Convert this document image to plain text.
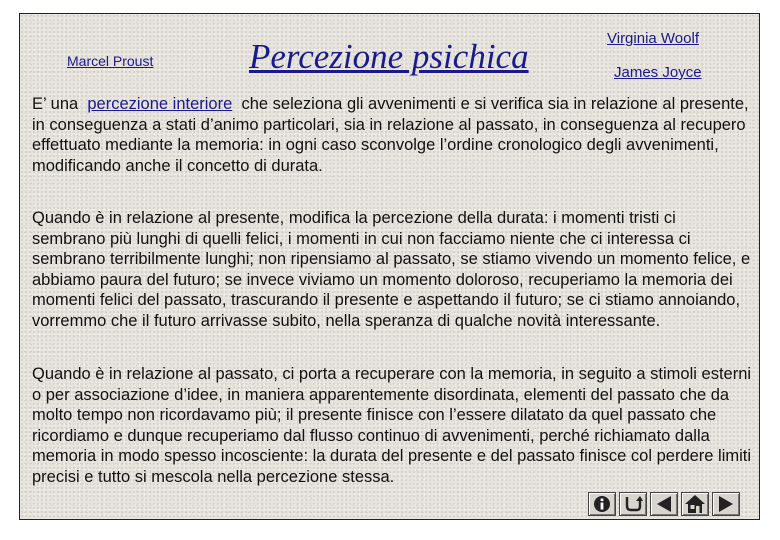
Marcel Proust	Percezione psichica	Virginia Woolf
James Joyce

E’ una percezione interiore che seleziona gli avvenimenti e si verifica sia in relazione al presente, in conseguenza a stati d’animo particolari, sia in relazione al passato, in conseguenza al recupero effettuato mediante la memoria: in ogni caso sconvolge l’ordine cronologico degli avvenimenti, modificando anche il concetto di durata.

Quando è in relazione al presente, modifica la percezione della durata: i momenti tristi ci sembrano più lunghi di quelli felici, i momenti in cui non facciamo niente che ci interessa ci sembrano terribilmente lunghi; non ripensiamo al passato, se stiamo vivendo un momento felice, e abbiamo paura del futuro; se invece viviamo un momento doloroso, recuperiamo la memoria dei momenti felici del passato, trascurando il presente e aspettando il futuro; se ci stiamo annoiando, vorremmo che il futuro arrivasse subito, nella speranza di qualche novità interessante.

Quando è in relazione al passato, ci porta a recuperare con la memoria, in seguito a stimoli esterni o per associazione d’idee, in maniera apparentemente disordinata, elementi del passato che da molto tempo non ricordavamo più; il presente finisce con l’essere dilatato da quel passato che ricordiamo e dunque recuperiamo dal flusso continuo di avvenimenti, perché richiamato dalla memoria in modo spesso incosciente: la durata del presente e del passato finisce col perdere limiti precisi e tutto si mescola nella percezione stessa.
